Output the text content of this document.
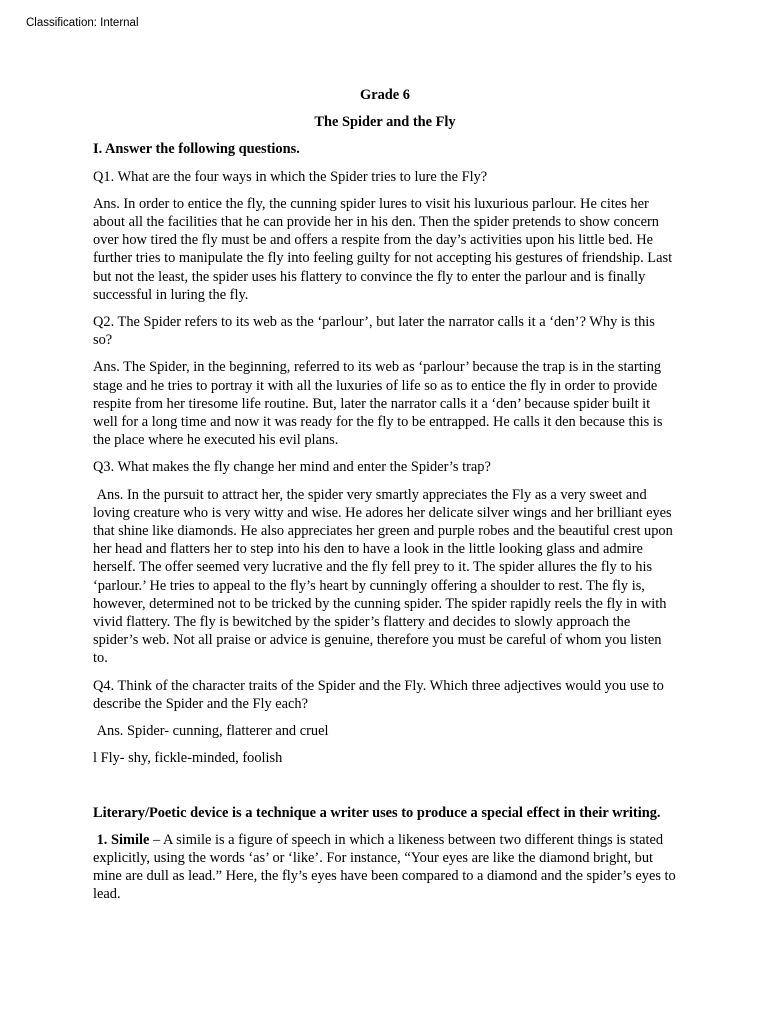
Classification: Internal
Grade 6
The Spider and the Fly

I. Answer the following questions.

Q1. What are the four ways in which the Spider tries to lure the Fly?

Ans. In order to entice the fly, the cunning spider lures to visit his luxurious parlour. He cites her about all the facilities that he can provide her in his den. Then the spider pretends to show concern over how tired the fly must be and offers a respite from the day’s activities upon his little bed. He further tries to manipulate the fly into feeling guilty for not accepting his gestures of friendship. Last but not the least, the spider uses his flattery to convince the fly to enter the parlour and is finally successful in luring the fly.

Q2. The Spider refers to its web as the ‘parlour’, but later the narrator calls it a ‘den’? Why is this so?

Ans. The Spider, in the beginning, referred to its web as ‘parlour’ because the trap is in the starting stage and he tries to portray it with all the luxuries of life so as to entice the fly in order to provide respite from her tiresome life routine. But, later the narrator calls it a ‘den’ because spider built it well for a long time and now it was ready for the fly to be entrapped. He calls it den because this is the place where he executed his evil plans.

Q3. What makes the fly change her mind and enter the Spider’s trap?

Ans. In the pursuit to attract her, the spider very smartly appreciates the Fly as a very sweet and loving creature who is very witty and wise. He adores her delicate silver wings and her brilliant eyes that shine like diamonds. He also appreciates her green and purple robes and the beautiful crest upon her head and flatters her to step into his den to have a look in the little looking glass and admire herself. The offer seemed very lucrative and the fly fell prey to it. The spider allures the fly to his ‘parlour.’ He tries to appeal to the fly’s heart by cunningly offering a shoulder to rest. The fly is, however, determined not to be tricked by the cunning spider. The spider rapidly reels the fly in with vivid flattery. The fly is bewitched by the spider’s flattery and decides to slowly approach the spider’s web. Not all praise or advice is genuine, therefore you must be careful of whom you listen to.

Q4. Think of the character traits of the Spider and the Fly. Which three adjectives would you use to describe the Spider and the Fly each?

Ans. Spider- cunning, flatterer and cruel

l Fly- shy, fickle-minded, foolish

Literary/Poetic device is a technique a writer uses to produce a special effect in their writing.

1. Simile – A simile is a figure of speech in which a likeness between two different things is stated explicitly, using the words ‘as’ or ‘like’. For instance, “Your eyes are like the diamond bright, but mine are dull as lead.” Here, the fly’s eyes have been compared to a diamond and the spider’s eyes to lead.
